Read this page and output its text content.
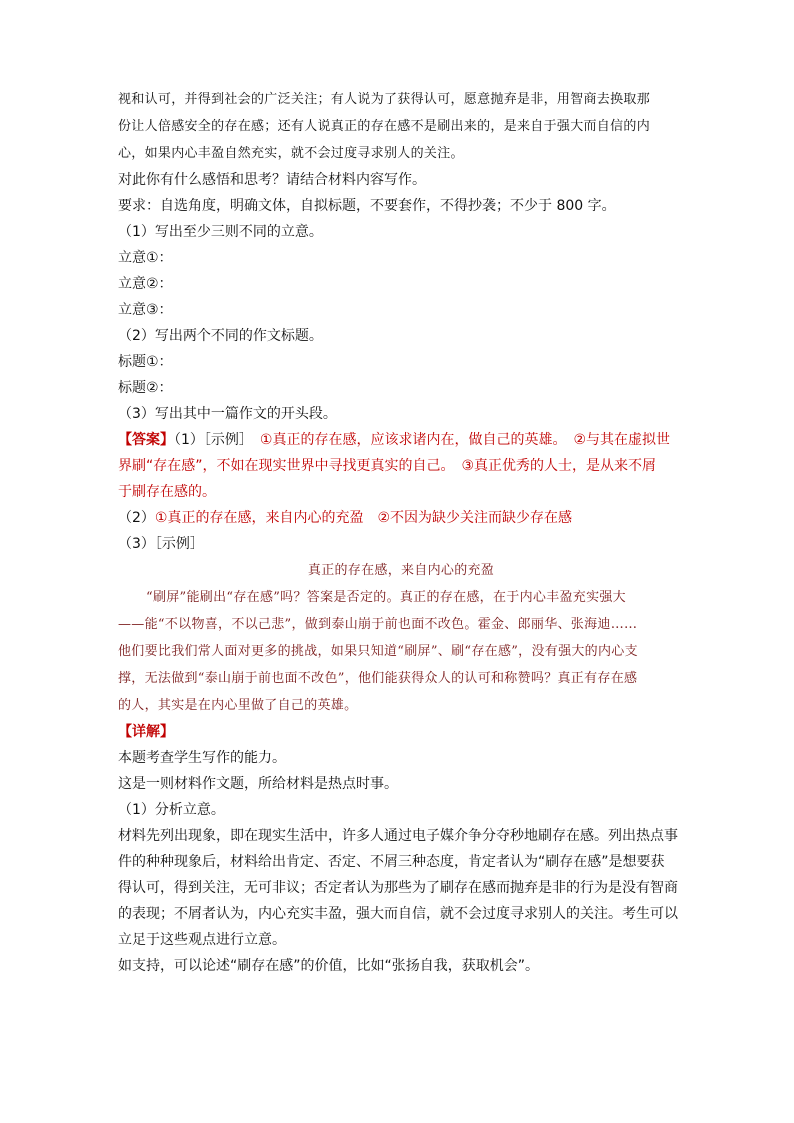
视和认可，并得到社会的广泛关注；有人说为了获得认可，愿意抛弃是非，用智商去换取那
份让人倍感安全的存在感；还有人说真正的存在感不是刷出来的，是来自于强大而自信的内
心，如果内心丰盈自然充实，就不会过度寻求别人的关注。
对此你有什么感悟和思考？请结合材料内容写作。
要求：自选角度，明确文体，自拟标题，不要套作，不得抄袭；不少于 800 字。
（1）写出至少三则不同的立意。
立意①：
立意②：
立意③：
（2）写出两个不同的作文标题。
标题①：
标题②：
（3）写出其中一篇作文的开头段。
【答案】（1）［示例］　①真正的存在感，应该求诸内在，做自己的英雄。　②与其在虚拟世
界刷“存在感”，不如在现实世界中寻找更真实的自己。　③真正优秀的人士，是从来不屑
于刷存在感的。
（2）①真正的存在感，来自内心的充盈　②不因为缺少关注而缺少存在感
（3）［示例］
真正的存在感，来自内心的充盈
“刷屏”能刷出“存在感”吗？答案是否定的。真正的存在感，在于内心丰盈充实强大
——能“不以物喜，不以己悲”，做到泰山崩于前也面不改色。霍金、郎丽华、张海迪……
他们要比我们常人面对更多的挑战，如果只知道“刷屏”、刷“存在感”，没有强大的内心支
撑，无法做到“泰山崩于前也面不改色”，他们能获得众人的认可和称赞吗？真正有存在感
的人，其实是在内心里做了自己的英雄。
【详解】
本题考查学生写作的能力。
这是一则材料作文题，所给材料是热点时事。
（1）分析立意。
材料先列出现象，即在现实生活中，许多人通过电子媒介争分夺秒地刷存在感。列出热点事
件的种种现象后，材料给出肯定、否定、不屑三种态度，肯定者认为“刷存在感”是想要获
得认可，得到关注，无可非议；否定者认为那些为了刷存在感而抛弃是非的行为是没有智商
的表现；不屑者认为，内心充实丰盈，强大而自信，就不会过度寻求别人的关注。考生可以
立足于这些观点进行立意。
如支持，可以论述“刷存在感”的价值，比如“张扬自我，获取机会”。
